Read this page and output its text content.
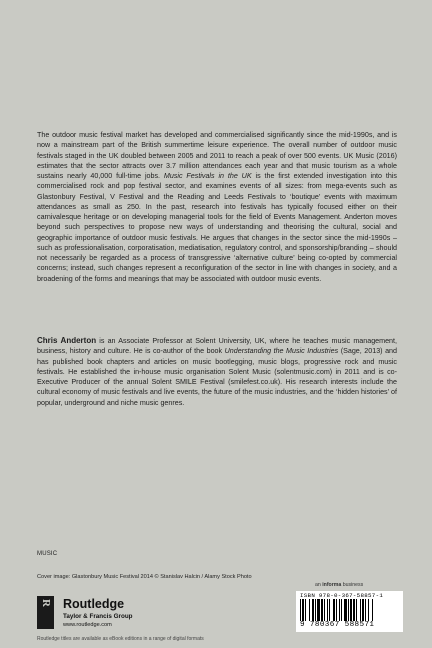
The outdoor music festival market has developed and commercialised significantly since the mid-1990s, and is now a mainstream part of the British summertime leisure experience. The overall number of outdoor music festivals staged in the UK doubled between 2005 and 2011 to reach a peak of over 500 events. UK Music (2016) estimates that the sector attracts over 3.7 million attendances each year and that music tourism as a whole sustains nearly 40,000 full-time jobs. Music Festivals in the UK is the first extended investigation into this commercialised rock and pop festival sector, and examines events of all sizes: from mega-events such as Glastonbury Festival, V Festival and the Reading and Leeds Festivals to ‘boutique’ events with maximum attendances as small as 250. In the past, research into festivals has typically focused either on their carnivalesque heritage or on developing managerial tools for the field of Events Management. Anderton moves beyond such perspectives to propose new ways of understanding and theorising the cultural, social and geographic importance of outdoor music festivals. He argues that changes in the sector since the mid-1990s – such as professionalisation, corporatisation, mediatisation, regulatory control, and sponsorship/branding – should not necessarily be regarded as a process of transgressive ‘alternative culture’ being co-opted by commercial concerns; instead, such changes represent a reconfiguration of the sector in line with changes in society, and a broadening of the forms and meanings that may be associated with outdoor music events.

Chris Anderton is an Associate Professor at Solent University, UK, where he teaches music management, business, history and culture. He is co-author of the book Understanding the Music Industries (Sage, 2013) and has published book chapters and articles on music bootlegging, music blogs, progressive rock and music festivals. He established the in-house music organisation Solent Music (solentmusic.com) in 2011 and is co-Executive Producer of the annual Solent SMILE Festival (smilefest.co.uk). His research interests include the cultural economy of music festivals and live events, the future of the music industries, and the ‘hidden histories’ of popular, underground and niche music genres.

MUSIC
Cover image: Glastonbury Music Festival 2014 © Stanislav Halcin / Alamy Stock Photo
R Routledge
Taylor & Francis Group
www.routledge.com
an informa business
ISBN 978-0-367-58857-1
9 780367 588571
Routledge titles are available as eBook editions in a range of digital formats
